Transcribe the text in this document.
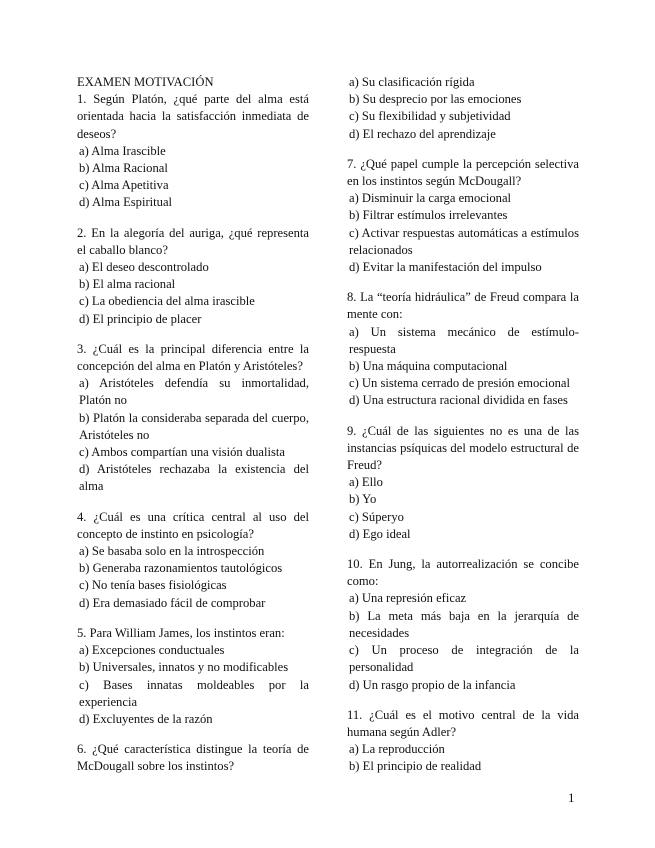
EXAMEN MOTIVACIÓN

1. Según Platón, ¿qué parte del alma está orientada hacia la satisfacción inmediata de deseos?

a) Alma Irascible

b) Alma Racional

c) Alma Apetitiva

d) Alma Espiritual

2. En la alegoría del auriga, ¿qué representa el caballo blanco?

a) El deseo descontrolado

b) El alma racional

c) La obediencia del alma irascible

d) El principio de placer

3. ¿Cuál es la principal diferencia entre la concepción del alma en Platón y Aristóteles?

a) Aristóteles defendía su inmortalidad, Platón no

b) Platón la consideraba separada del cuerpo, Aristóteles no

c) Ambos compartían una visión dualista

d) Aristóteles rechazaba la existencia del alma

4. ¿Cuál es una crítica central al uso del concepto de instinto en psicología?

a) Se basaba solo en la introspección

b) Generaba razonamientos tautológicos

c) No tenía bases fisiológicas

d) Era demasiado fácil de comprobar

5. Para William James, los instintos eran:

a) Excepciones conductuales

b) Universales, innatos y no modificables

c) Bases innatas moldeables por la experiencia

d) Excluyentes de la razón

6. ¿Qué característica distingue la teoría de McDougall sobre los instintos?

a) Su clasificación rígida

b) Su desprecio por las emociones

c) Su flexibilidad y subjetividad

d) El rechazo del aprendizaje

7. ¿Qué papel cumple la percepción selectiva en los instintos según McDougall?

a) Disminuir la carga emocional

b) Filtrar estímulos irrelevantes

c) Activar respuestas automáticas a estímulos relacionados

d) Evitar la manifestación del impulso

8. La “teoría hidráulica” de Freud compara la mente con:

a) Un sistema mecánico de estímulo-respuesta

b) Una máquina computacional

c) Un sistema cerrado de presión emocional

d) Una estructura racional dividida en fases

9. ¿Cuál de las siguientes no es una de las instancias psíquicas del modelo estructural de Freud?

a) Ello

b) Yo

c) Súperyo

d) Ego ideal

10. En Jung, la autorrealización se concibe como:

a) Una represión eficaz

b) La meta más baja en la jerarquía de necesidades

c) Un proceso de integración de la personalidad

d) Un rasgo propio de la infancia

11. ¿Cuál es el motivo central de la vida humana según Adler?

a) La reproducción

b) El principio de realidad

1
